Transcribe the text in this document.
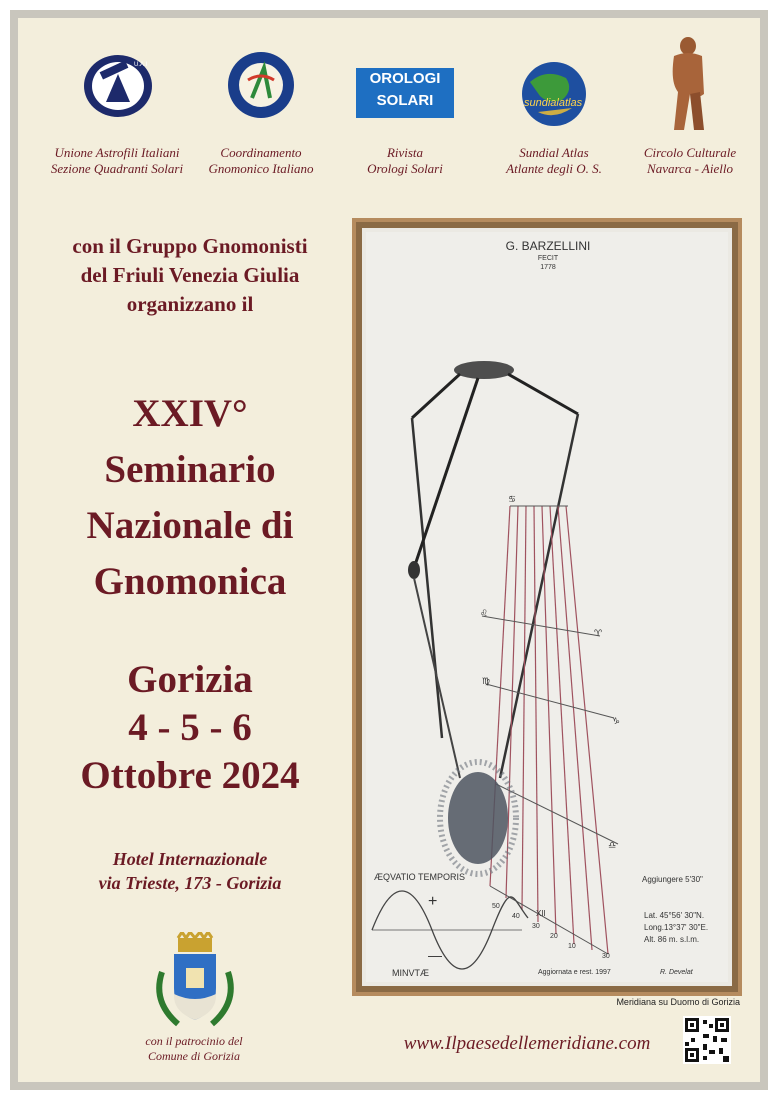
U.A.I
OROLOGI
SOLARI	sundialatlas
Unione Astrofili Italiani
Sezione Quadranti Solari
Coordinamento
Gnomonico Italiano
Rivista
Orologi Solari
Sundial Atlas
Atlante degli O. S.
Circolo Culturale
Navarca - Aiello
con il Gruppo Gnomonisti
del Friuli Venezia Giulia
organizzano il
XXIV°
Seminario
Nazionale di
Gnomonica
Gorizia
4 - 5 - 6
Ottobre 2024
Hotel Internazionale
via Trieste, 173 - Gorizia
con il patrocinio del
Comune di Gorizia
G. BARZELLINI
FECIT
1778
♋
♌
♈
♍
♎
♑
ÆQVATIO TEMPORIS
+
—
MINVTÆ
50
40
30
20
10
30
XII
Aggiungere 5'30"
Lat. 45°56' 30"N.
Long.13°37' 30"E.
Alt. 86 m. s.l.m.
Aggiornata e rest. 1997	R. Develat
Meridiana su Duomo di Gorizia
www.Ilpaesedellemeridiane.com
